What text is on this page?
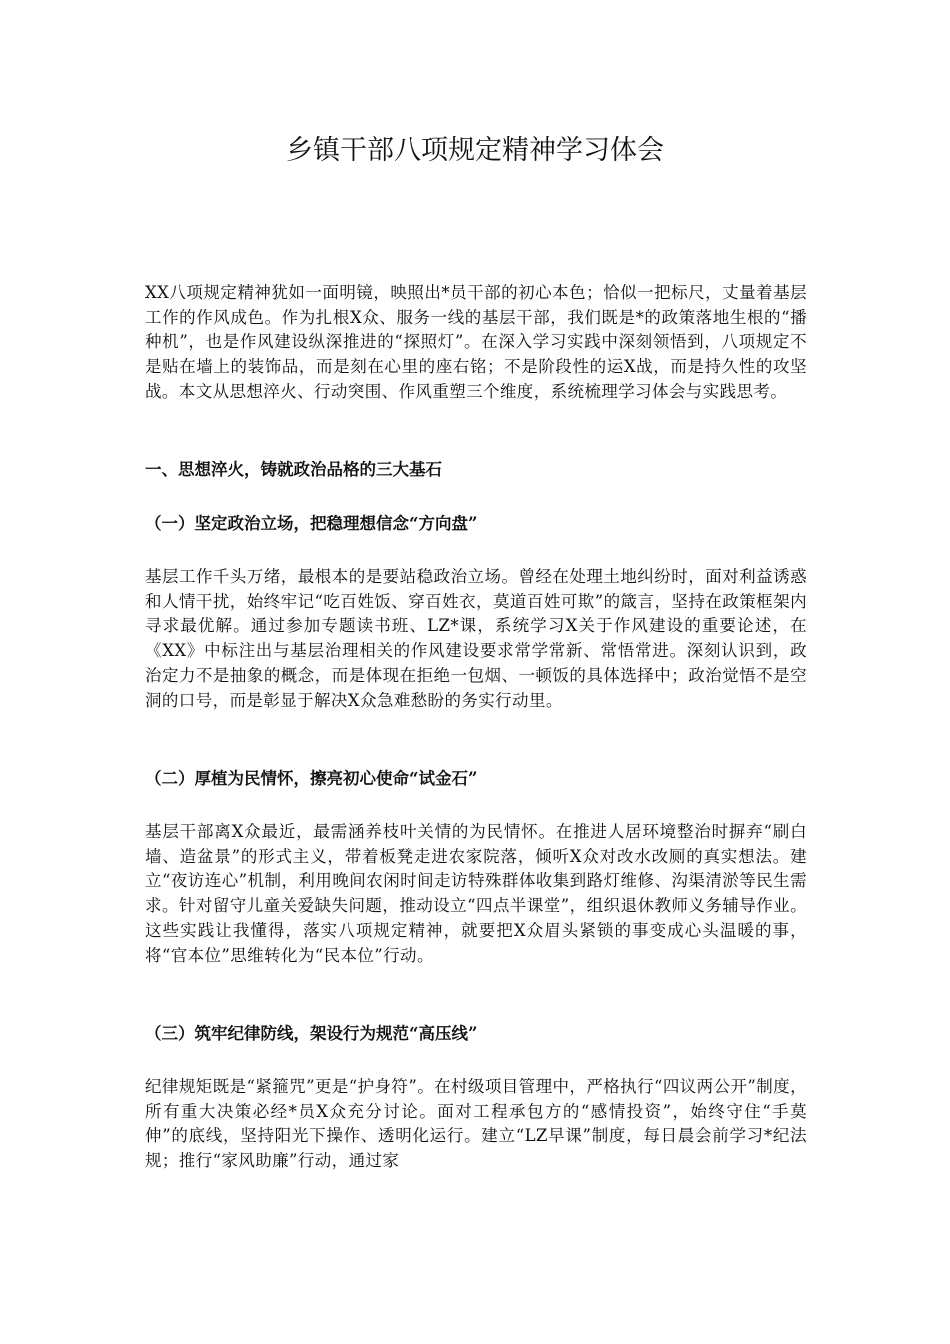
乡镇干部八项规定精神学习体会

XX八项规定精神犹如一面明镜，映照出*员干部的初心本色；恰似一把标尺，丈量着基层工作的作风成色。作为扎根X众、服务一线的基层干部，我们既是*的政策落地生根的“播种机”，也是作风建设纵深推进的“探照灯”。在深入学习实践中深刻领悟到，八项规定不是贴在墙上的装饰品，而是刻在心里的座右铭；不是阶段性的运X战，而是持久性的攻坚战。本文从思想淬火、行动突围、作风重塑三个维度，系统梳理学习体会与实践思考。

一、思想淬火，铸就政治品格的三大基石
（一）坚定政治立场，把稳理想信念“方向盘”

基层工作千头万绪，最根本的是要站稳政治立场。曾经在处理土地纠纷时，面对利益诱惑和人情干扰，始终牢记“吃百姓饭、穿百姓衣，莫道百姓可欺”的箴言，坚持在政策框架内寻求最优解。通过参加专题读书班、LZ*课，系统学习X关于作风建设的重要论述，在《XX》中标注出与基层治理相关的作风建设要求常学常新、常悟常进。深刻认识到，政治定力不是抽象的概念，而是体现在拒绝一包烟、一顿饭的具体选择中；政治觉悟不是空洞的口号，而是彰显于解决X众急难愁盼的务实行动里。

（二）厚植为民情怀，擦亮初心使命“试金石”

基层干部离X众最近，最需涵养枝叶关情的为民情怀。在推进人居环境整治时摒弃“刷白墙、造盆景”的形式主义，带着板凳走进农家院落，倾听X众对改水改厕的真实想法。建立“夜访连心”机制，利用晚间农闲时间走访特殊群体收集到路灯维修、沟渠清淤等民生需求。针对留守儿童关爱缺失问题，推动设立“四点半课堂”，组织退休教师义务辅导作业。这些实践让我懂得，落实八项规定精神，就要把X众眉头紧锁的事变成心头温暖的事，将“官本位”思维转化为“民本位”行动。

（三）筑牢纪律防线，架设行为规范“高压线”

纪律规矩既是“紧箍咒”更是“护身符”。在村级项目管理中，严格执行“四议两公开”制度，所有重大决策必经*员X众充分讨论。面对工程承包方的“感情投资”，始终守住“手莫伸”的底线，坚持阳光下操作、透明化运行。建立“LZ早课”制度，每日晨会前学习*纪法规；推行“家风助廉”行动，通过家
